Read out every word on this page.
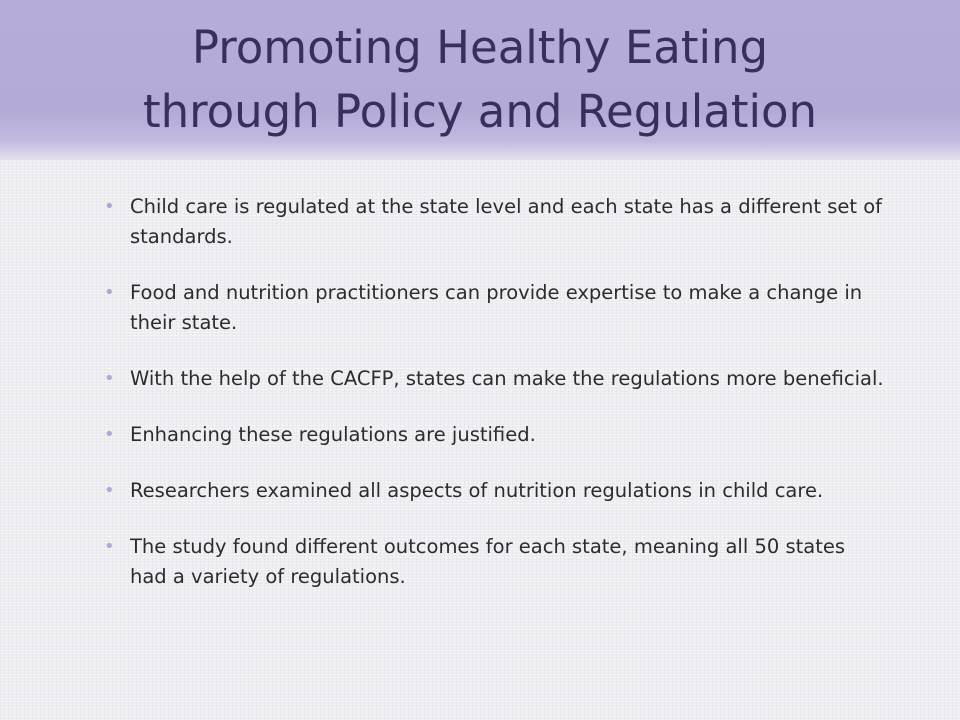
Promoting Healthy Eating
through Policy and Regulation
• Child care is regulated at the state level and each state has a different set of standards.
• Food and nutrition practitioners can provide expertise to make a change in their state.
• With the help of the CACFP, states can make the regulations more beneficial.
• Enhancing these regulations are justified.
• Researchers examined all aspects of nutrition regulations in child care.
• The study found different outcomes for each state, meaning all 50 states had a variety of regulations.
